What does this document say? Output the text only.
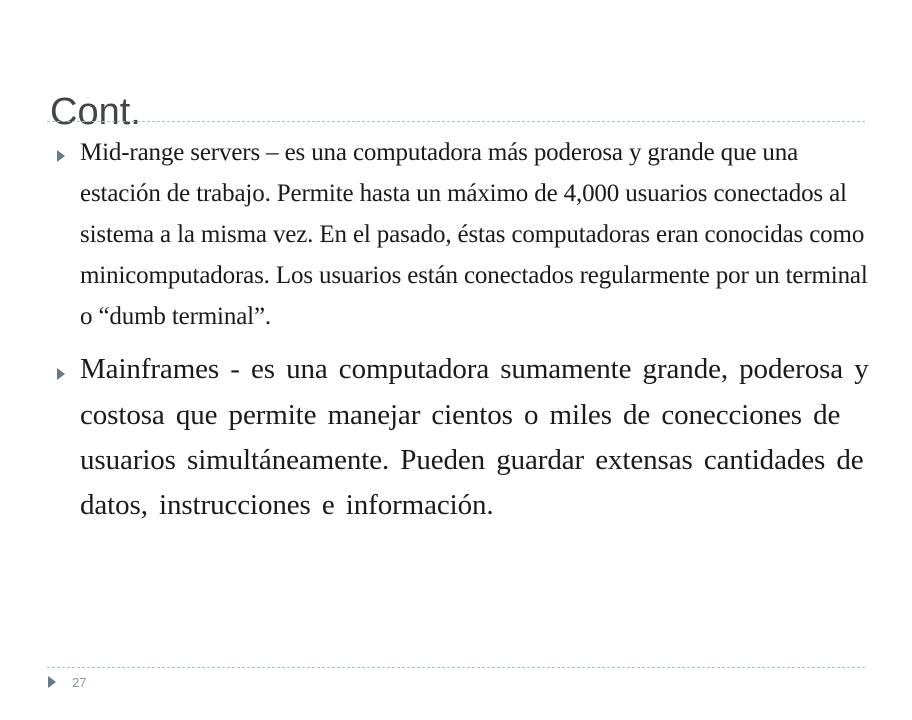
Cont.

Mid-range servers – es una computadora más poderosa y grande que una estación de trabajo. Permite hasta un máximo de 4,000 usuarios conectados al sistema a la misma vez. En el pasado, éstas computadoras eran conocidas como minicomputadoras. Los usuarios están conectados regularmente por un terminal o “dumb terminal”.

Mainframes - es una computadora sumamente grande, poderosa y costosa que permite manejar cientos o miles de conecciones de usuarios simultáneamente. Pueden guardar extensas cantidades de datos, instrucciones e información.

27
